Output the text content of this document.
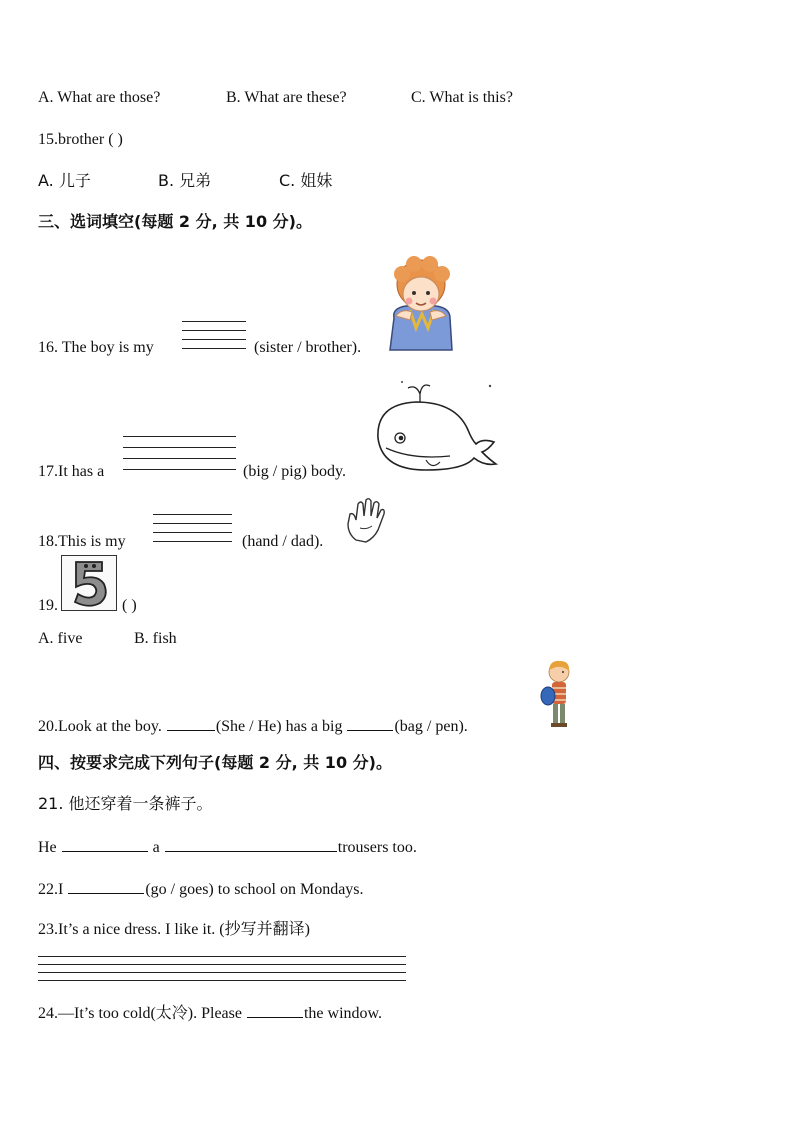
A. What are those?	B. What are these?	C. What is this?
15.brother ( )
A. 儿子	B. 兄弟	C. 姐妹
三、选词填空(每题 2 分, 共 10 分)。
16. The boy is my	(sister / brother).
17.It has a	(big / pig) body.
18.This is my	(hand / dad).
19.	( )
A. five	B. fish
20.Look at the boy.	(She / He) has a big	(bag / pen).
四、按要求完成下列句子(每题 2 分, 共 10 分)。
21. 他还穿着一条裤子。
He	a	trousers too.
22.I	(go / goes) to school on Mondays.
23.It’s a nice dress. I like it. (抄写并翻译)
24.—It’s too cold(太冷). Please	the window.
